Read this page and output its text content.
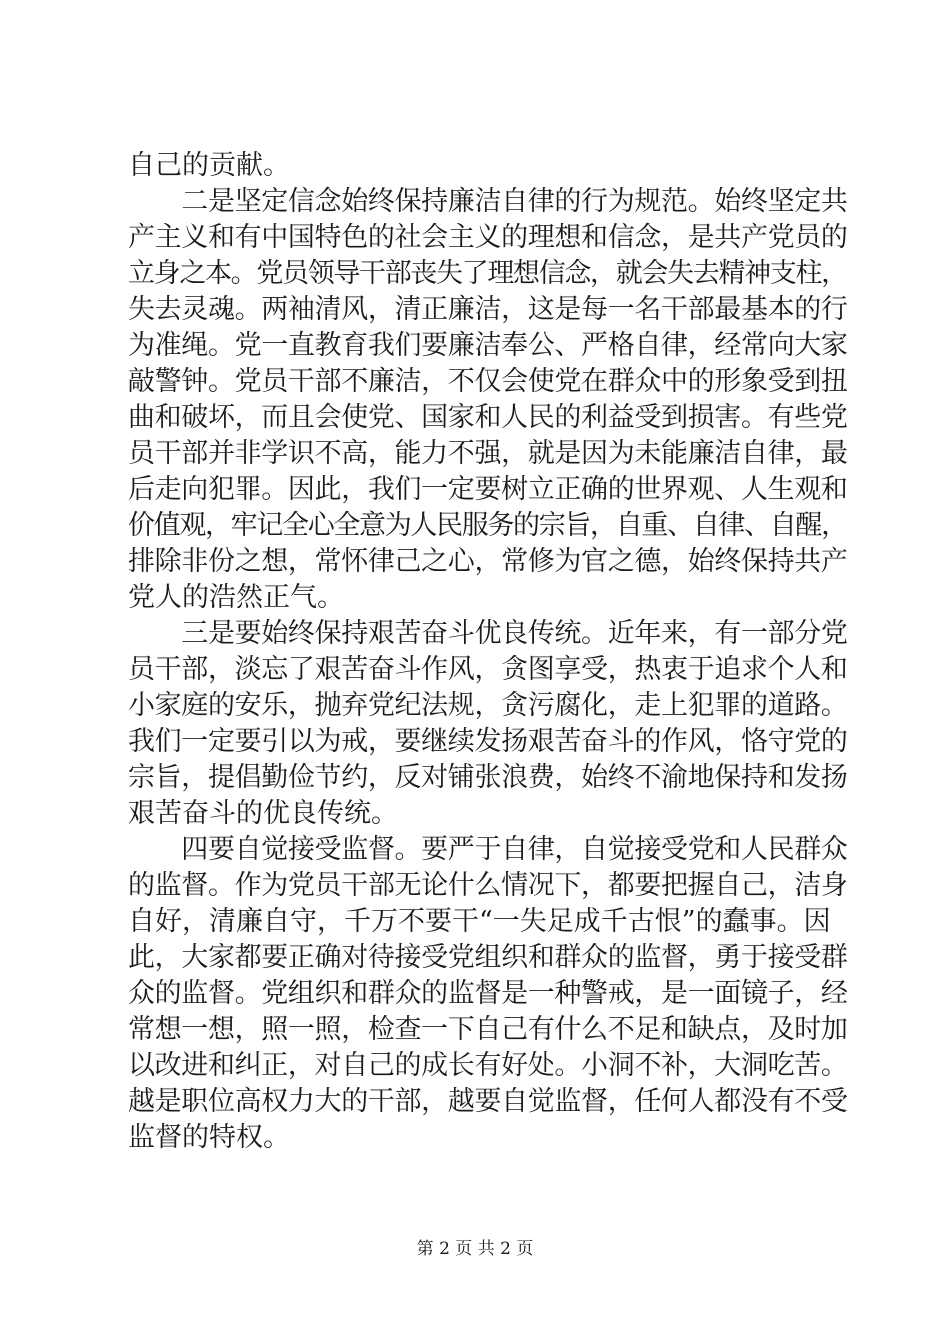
自己的贡献。
　　二是坚定信念始终保持廉洁自律的行为规范。始终坚定共
产主义和有中国特色的社会主义的理想和信念，是共产党员的
立身之本。党员领导干部丧失了理想信念，就会失去精神支柱，
失去灵魂。两袖清风，清正廉洁，这是每一名干部最基本的行
为准绳。党一直教育我们要廉洁奉公、严格自律，经常向大家
敲警钟。党员干部不廉洁，不仅会使党在群众中的形象受到扭
曲和破坏，而且会使党、国家和人民的利益受到损害。有些党
员干部并非学识不高，能力不强，就是因为未能廉洁自律，最
后走向犯罪。因此，我们一定要树立正确的世界观、人生观和
价值观，牢记全心全意为人民服务的宗旨，自重、自律、自醒，
排除非份之想，常怀律己之心，常修为官之德，始终保持共产
党人的浩然正气。
　　三是要始终保持艰苦奋斗优良传统。近年来，有一部分党
员干部，淡忘了艰苦奋斗作风，贪图享受，热衷于追求个人和
小家庭的安乐，抛弃党纪法规，贪污腐化，走上犯罪的道路。
我们一定要引以为戒，要继续发扬艰苦奋斗的作风，恪守党的
宗旨，提倡勤俭节约，反对铺张浪费，始终不渝地保持和发扬
艰苦奋斗的优良传统。
　　四要自觉接受监督。要严于自律，自觉接受党和人民群众
的监督。作为党员干部无论什么情况下，都要把握自己，洁身
自好，清廉自守，千万不要干“一失足成千古恨”的蠢事。因
此，大家都要正确对待接受党组织和群众的监督，勇于接受群
众的监督。党组织和群众的监督是一种警戒，是一面镜子，经
常想一想，照一照，检查一下自己有什么不足和缺点，及时加
以改进和纠正，对自己的成长有好处。小洞不补，大洞吃苦。
越是职位高权力大的干部，越要自觉监督，任何人都没有不受
监督的特权。
第 2 页 共 2 页
